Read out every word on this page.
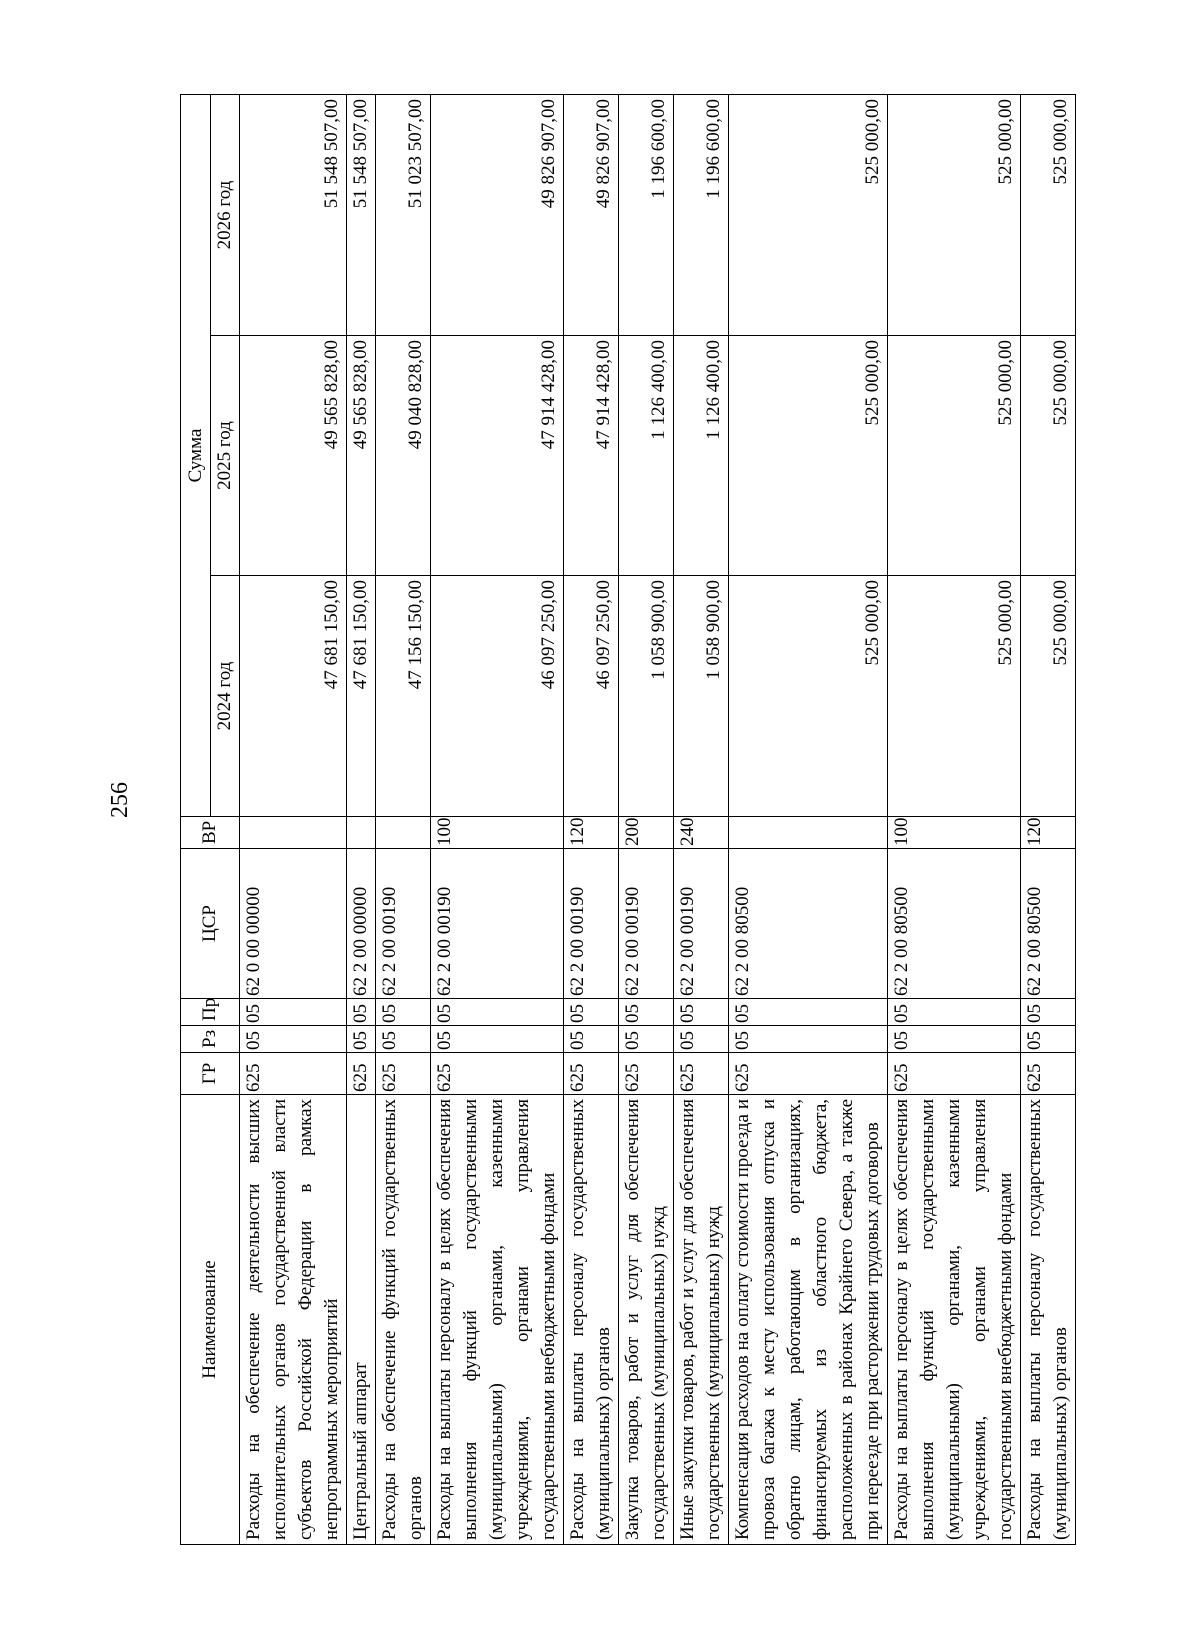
256
Наименование	ГР	Рз	Пр	ЦСР	ВР	Сумма		
						2024 год	2025 год	2026 год
Расходы на обеспечение деятельности высших исполнительных органов государственной власти субъектов Российской Федерации в рамках непрограммных мероприятий	625	05	05	62 0 00 00000		47 681 150,00	49 565 828,00	51 548 507,00
Центральный аппарат	625	05	05	62 2 00 00000		47 681 150,00	49 565 828,00	51 548 507,00
Расходы на обеспечение функций государственных органов	625	05	05	62 2 00 00190		47 156 150,00	49 040 828,00	51 023 507,00
Расходы на выплаты персоналу в целях обеспечения выполнения функций государственными (муниципальными) органами, казенными учреждениями, органами управления государственными внебюджетными фондами	625	05	05	62 2 00 00190	100	46 097 250,00	47 914 428,00	49 826 907,00
Расходы на выплаты персоналу государственных (муниципальных) органов	625	05	05	62 2 00 00190	120	46 097 250,00	47 914 428,00	49 826 907,00
Закупка товаров, работ и услуг для обеспечения государственных (муниципальных) нужд	625	05	05	62 2 00 00190	200	1 058 900,00	1 126 400,00	1 196 600,00
Иные закупки товаров, работ и услуг для обеспечения государственных (муниципальных) нужд	625	05	05	62 2 00 00190	240	1 058 900,00	1 126 400,00	1 196 600,00
Компенсация расходов на оплату стоимости проезда и провоза багажа к месту использования отпуска и обратно лицам, работающим в организациях, финансируемых из областного бюджета, расположенных в районах Крайнего Севера, а также при переезде при расторжении трудовых договоров	625	05	05	62 2 00 80500		525 000,00	525 000,00	525 000,00
Расходы на выплаты персоналу в целях обеспечения выполнения функций государственными (муниципальными) органами, казенными учреждениями, органами управления государственными внебюджетными фондами	625	05	05	62 2 00 80500	100	525 000,00	525 000,00	525 000,00
Расходы на выплаты персоналу государственных (муниципальных) органов	625	05	05	62 2 00 80500	120	525 000,00	525 000,00	525 000,00
